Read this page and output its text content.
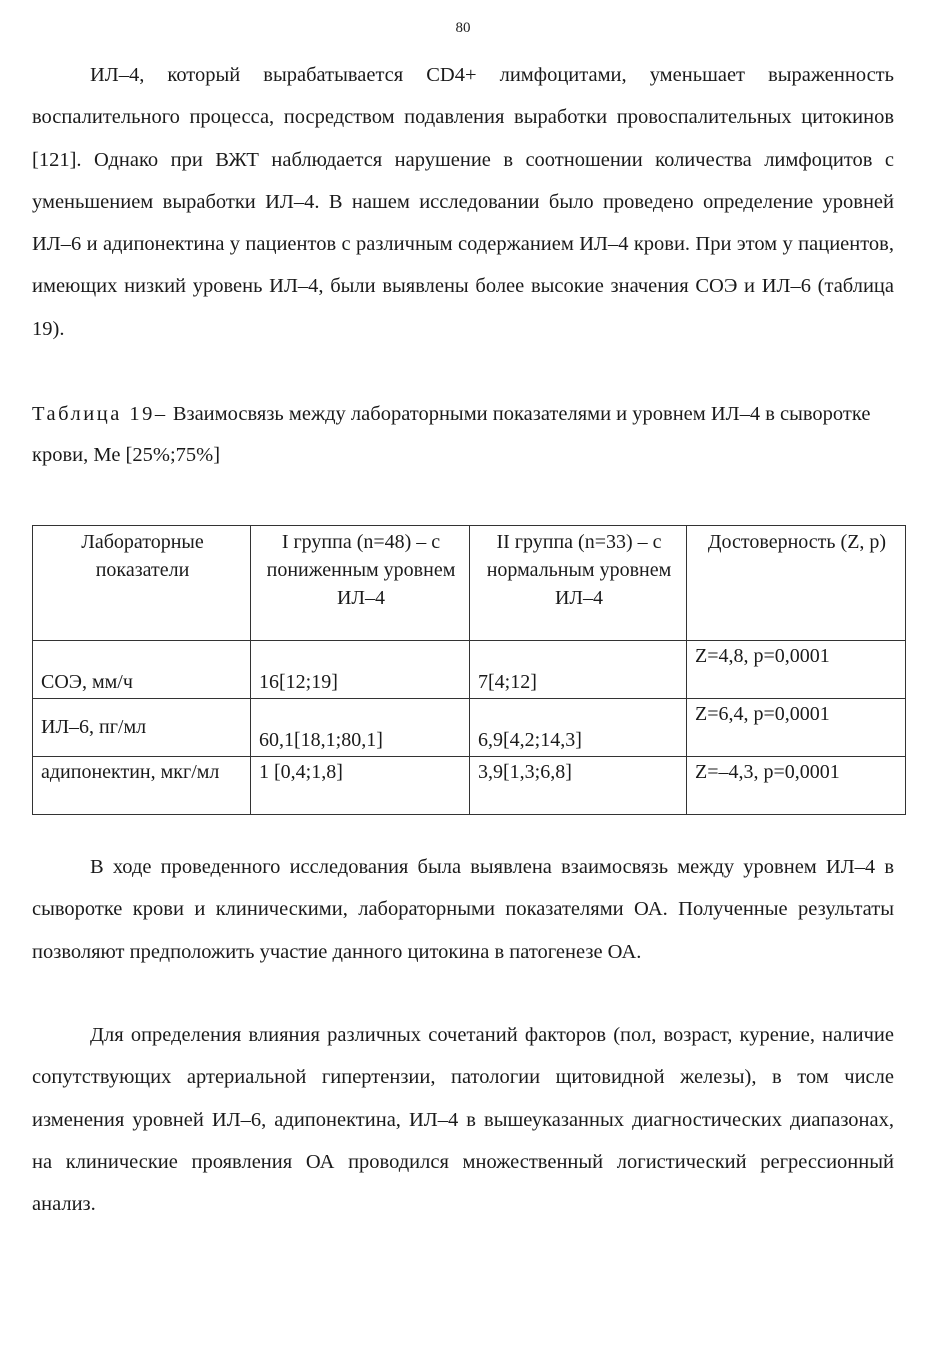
80

ИЛ–4, который вырабатывается CD4+ лимфоцитами, уменьшает выраженность воспалительного процесса, посредством подавления выработки провоспалительных цитокинов [121]. Однако при ВЖТ наблюдается нарушение в соотношении количества лимфоцитов с уменьшением выработки ИЛ–4. В нашем исследовании было проведено определение уровней ИЛ–6 и адипонектина у пациентов с различным содержанием ИЛ–4 крови. При этом у пациентов, имеющих низкий уровень ИЛ–4, были выявлены более высокие значения СОЭ и ИЛ–6 (таблица 19).

Таблица 19– Взаимосвязь между лабораторными показателями и уровнем ИЛ–4 в сыворотке крови, Ме [25%;75%]

Лабораторные показатели	I группа (n=48) – с пониженным уровнем ИЛ–4	II группа (n=33) – с нормальным уровнем ИЛ–4	Достоверность (Z, p)

СОЭ, мм/ч	16[12;19]	7[4;12]	Z=4,8, p=0,0001

ИЛ–6, пг/мл	60,1[18,1;80,1]	6,9[4,2;14,3]	Z=6,4, p=0,0001

адипонектин, мкг/мл	1 [0,4;1,8]	3,9[1,3;6,8]	Z=–4,3, p=0,0001

В ходе проведенного исследования была выявлена взаимосвязь между уровнем ИЛ–4 в сыворотке крови и клиническими, лабораторными показателями ОА. Полученные результаты позволяют предположить участие данного цитокина в патогенезе ОА.

Для определения влияния различных сочетаний факторов (пол, возраст, курение, наличие сопутствующих артериальной гипертензии, патологии щитовидной железы), в том числе изменения уровней ИЛ–6, адипонектина, ИЛ–4 в вышеуказанных диагностических диапазонах, на клинические проявления ОА проводился множественный логистический регрессионный анализ.
